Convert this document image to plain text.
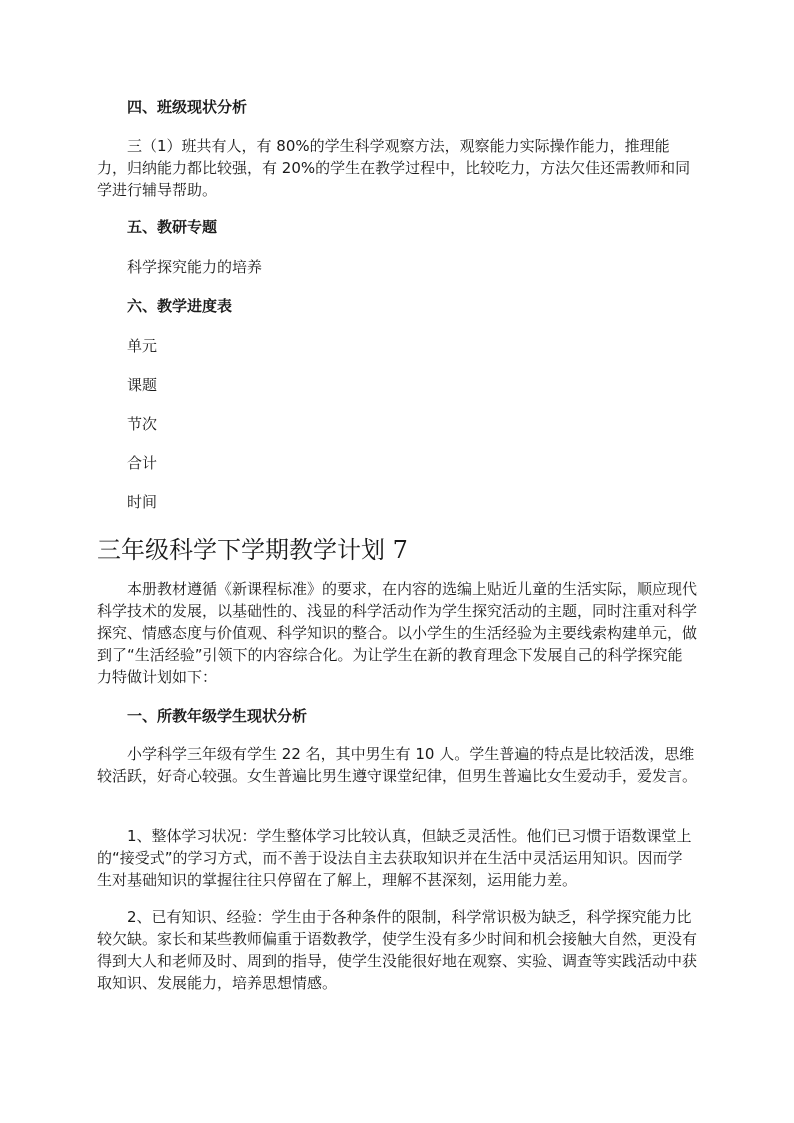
四、班级现状分析

三（1）班共有人，有 80%的学生科学观察方法，观察能力实际操作能力，推理能力，归纳能力都比较强，有 20%的学生在教学过程中，比较吃力，方法欠佳还需教师和同学进行辅导帮助。

五、教研专题

科学探究能力的培养

六、教学进度表

单元

课题

节次

合计

时间

三年级科学下学期教学计划 7

本册教材遵循《新课程标准》的要求，在内容的选编上贴近儿童的生活实际，顺应现代科学技术的发展，以基础性的、浅显的科学活动作为学生探究活动的主题，同时注重对科学探究、情感态度与价值观、科学知识的整合。以小学生的生活经验为主要线索构建单元，做到了“生活经验”引领下的内容综合化。为让学生在新的教育理念下发展自己的科学探究能力特做计划如下：

一、所教年级学生现状分析

小学科学三年级有学生 22 名，其中男生有 10 人。学生普遍的特点是比较活泼，思维较活跃，好奇心较强。女生普遍比男生遵守课堂纪律，但男生普遍比女生爱动手，爱发言。

1、整体学习状况：学生整体学习比较认真，但缺乏灵活性。他们已习惯于语数课堂上的“接受式”的学习方式，而不善于设法自主去获取知识并在生活中灵活运用知识。因而学生对基础知识的掌握往往只停留在了解上，理解不甚深刻，运用能力差。

2、已有知识、经验：学生由于各种条件的限制，科学常识极为缺乏，科学探究能力比较欠缺。家长和某些教师偏重于语数教学，使学生没有多少时间和机会接触大自然，更没有得到大人和老师及时、周到的指导，使学生没能很好地在观察、实验、调查等实践活动中获取知识、发展能力，培养思想情感。
